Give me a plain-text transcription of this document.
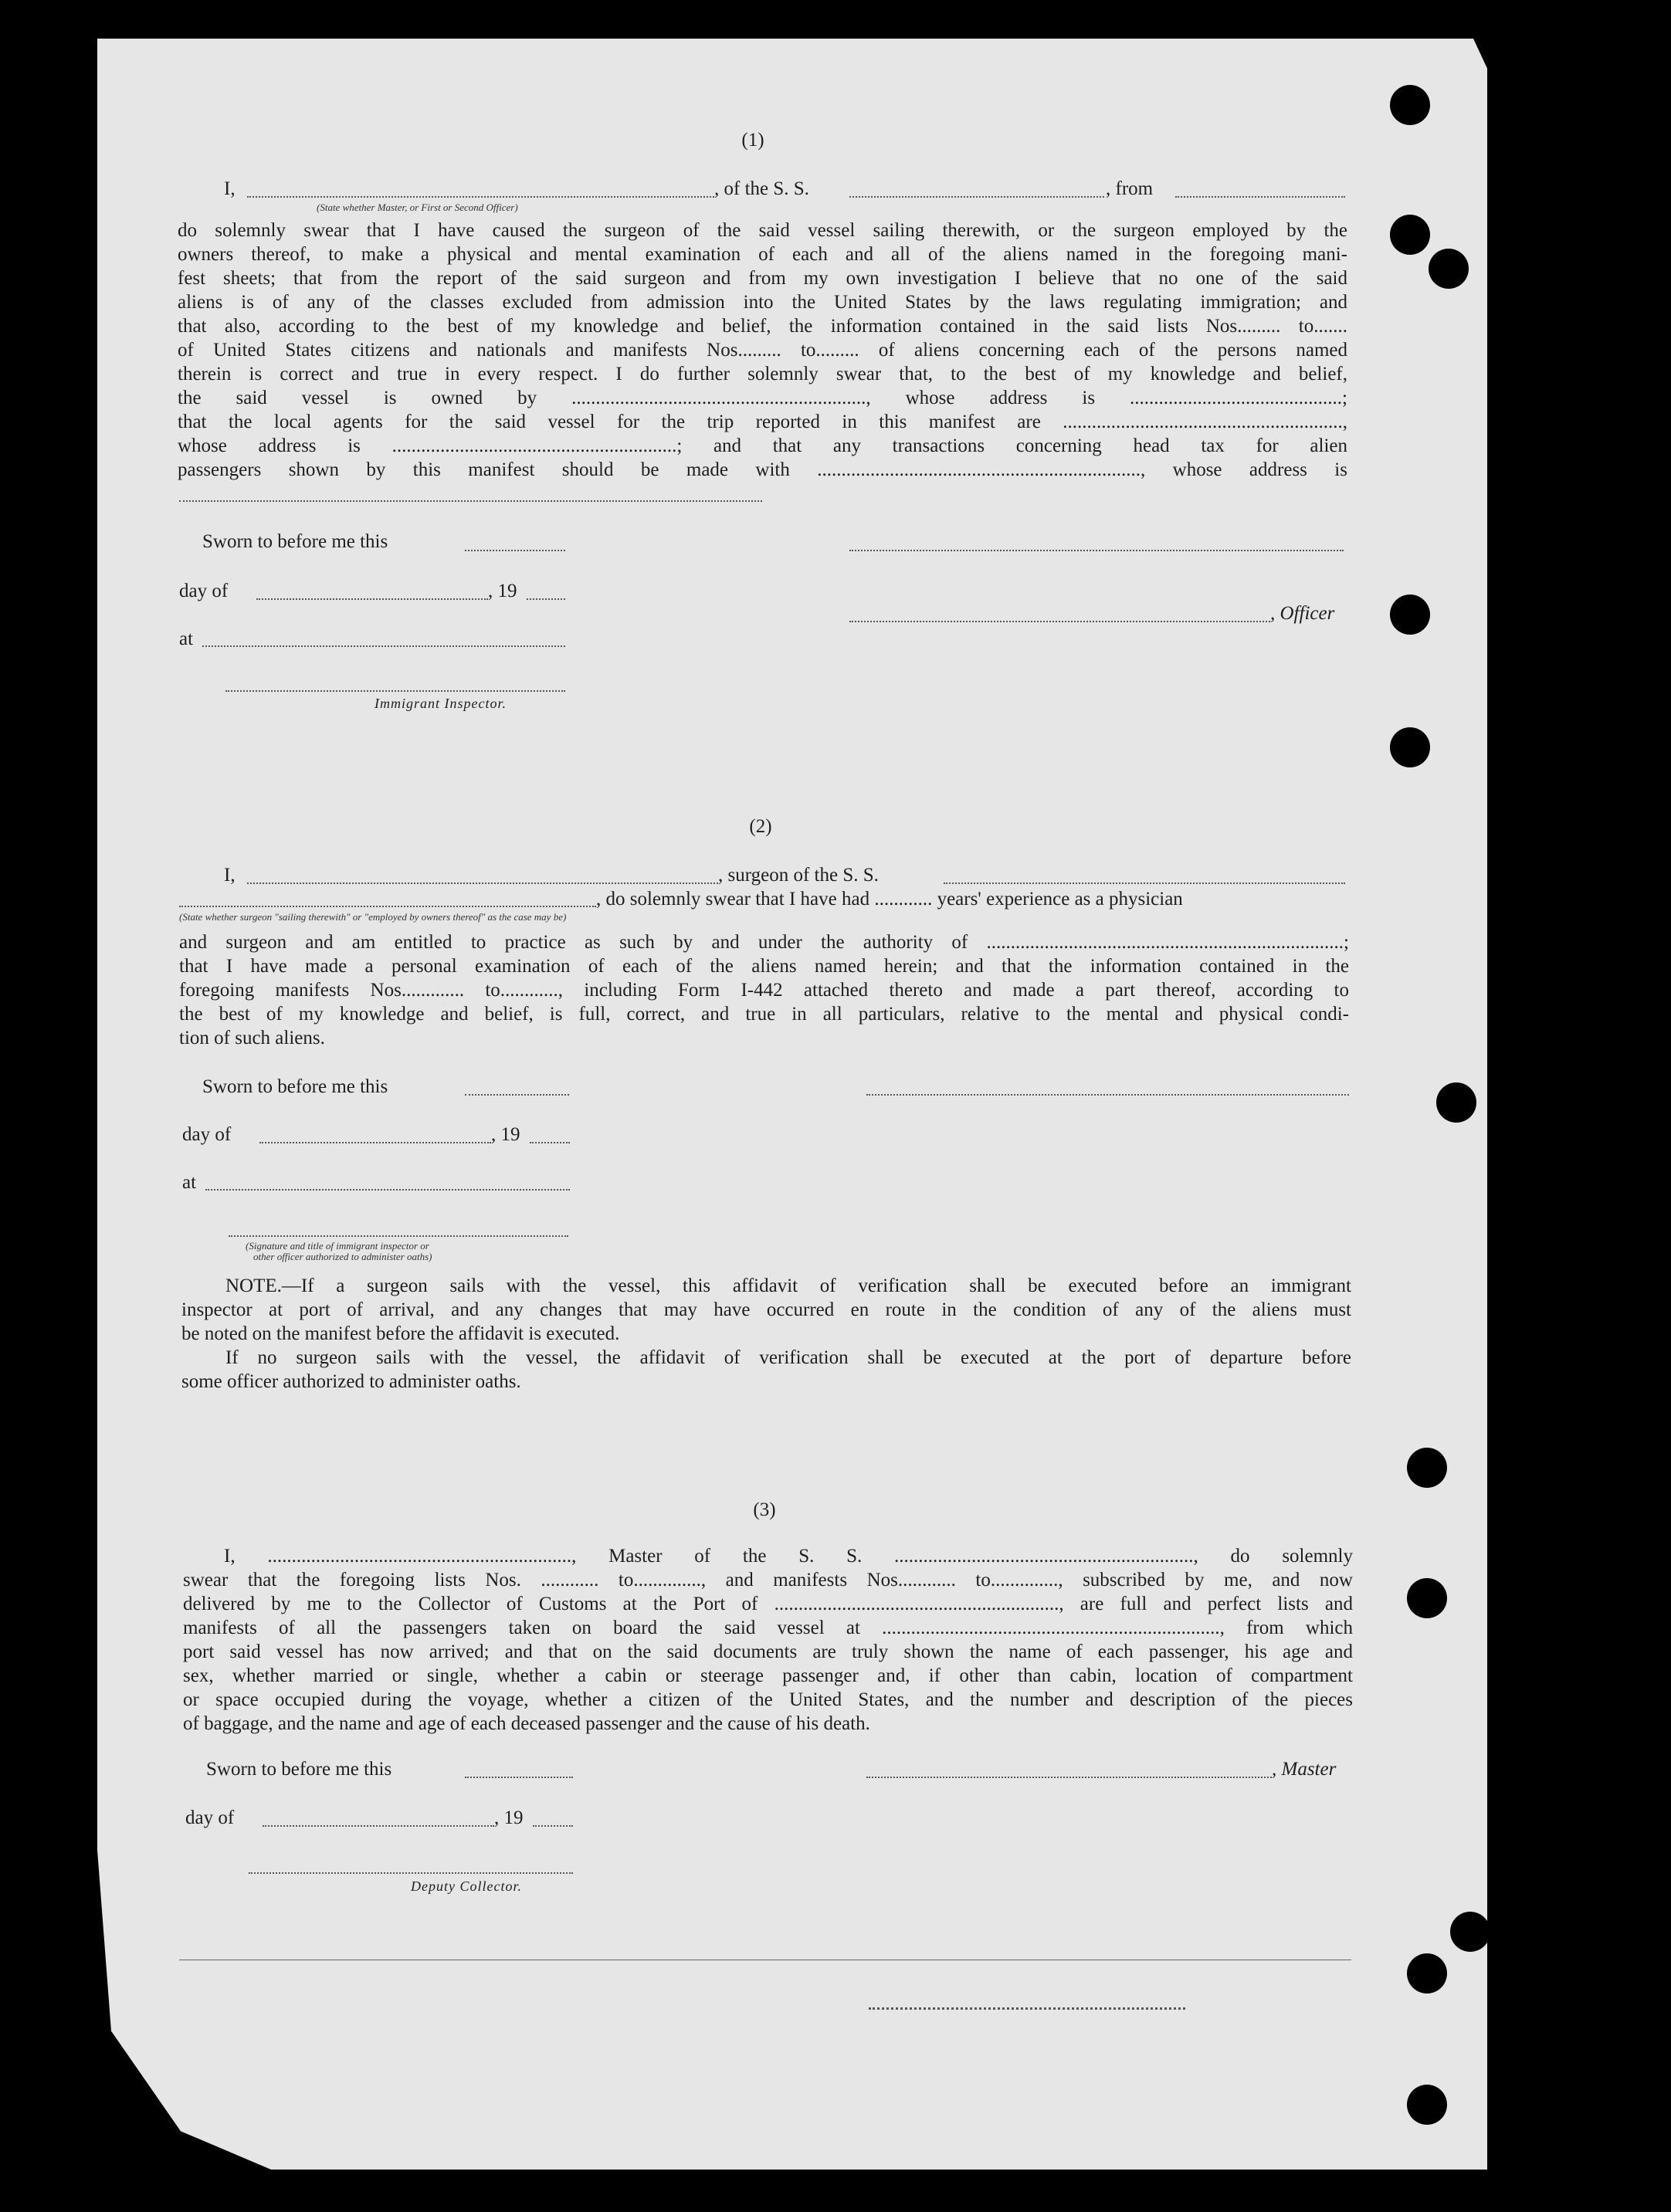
(1)
I,	, of the S. S.	, from
(State whether Master, or First or Second Officer)
do solemnly swear that I have caused the surgeon of the said vessel sailing therewith, or the surgeon employed by the
owners thereof, to make a physical and mental examination of each and all of the aliens named in the foregoing mani-
fest sheets; that from the report of the said surgeon and from my own investigation I believe that no one of the said
aliens is of any of the classes excluded from admission into the United States by the laws regulating immigration; and
that also, according to the best of my knowledge and belief, the information contained in the said lists Nos......... to.......
of United States citizens and nationals and manifests Nos......... to......... of aliens concerning each of the persons named
therein is correct and true in every respect. I do further solemnly swear that, to the best of my knowledge and belief,
the said vessel is owned by ............................................................., whose address is ............................................;
that the local agents for the said vessel for the trip reported in this manifest are ..........................................................,
whose address is ...........................................................; and that any transactions concerning head tax for alien
passengers shown by this manifest should be made with ..................................................................., whose address is
Sworn to before me this
day of	, 19
, Officer
at
Immigrant Inspector.
(2)
I,	, surgeon of the S. S.
, do solemnly swear that I have had ............ years' experience as a physician
(State whether surgeon "sailing therewith" or "employed by owners thereof" as the case may be)
and surgeon and am entitled to practice as such by and under the authority of ..........................................................................;
that I have made a personal examination of each of the aliens named herein; and that the information contained in the
foregoing manifests Nos............. to............, including Form I-442 attached thereto and made a part thereof, according to
the best of my knowledge and belief, is full, correct, and true in all particulars, relative to the mental and physical condi-
tion of such aliens.
Sworn to before me this
day of	, 19
at
(Signature and title of immigrant inspector or
other officer authorized to administer oaths)
NOTE.—If a surgeon sails with the vessel, this affidavit of verification shall be executed before an immigrant
inspector at port of arrival, and any changes that may have occurred en route in the condition of any of the aliens must
be noted on the manifest before the affidavit is executed.
If no surgeon sails with the vessel, the affidavit of verification shall be executed at the port of departure before
some officer authorized to administer oaths.
(3)
I, ..............................................................., Master of the S. S. .............................................................., do solemnly
swear that the foregoing lists Nos. ............ to.............., and manifests Nos............ to.............., subscribed by me, and now
delivered by me to the Collector of Customs at the Port of ..........................................................., are full and perfect lists and
manifests of all the passengers taken on board the said vessel at ......................................................................, from which
port said vessel has now arrived; and that on the said documents are truly shown the name of each passenger, his age and
sex, whether married or single, whether a cabin or steerage passenger and, if other than cabin, location of compartment
or space occupied during the voyage, whether a citizen of the United States, and the number and description of the pieces
of baggage, and the name and age of each deceased passenger and the cause of his death.
Sworn to before me this	, Master
day of	, 19
Deputy Collector.
